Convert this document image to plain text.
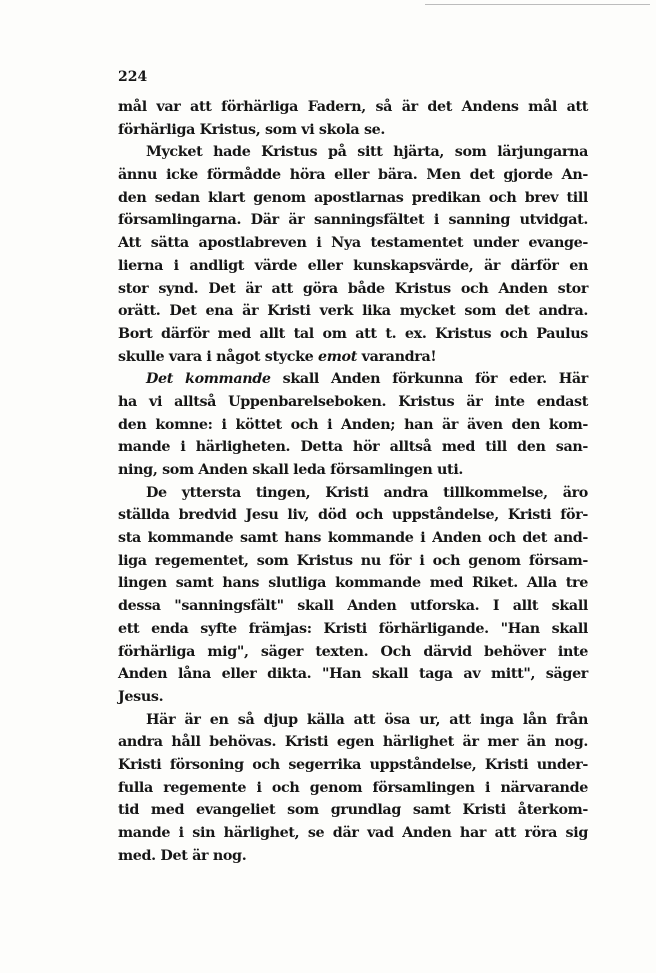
224
mål var att förhärliga Fadern, så är det Andens mål att
förhärliga Kristus, som vi skola se.
Mycket hade Kristus på sitt hjärta, som lärjungarna
ännu icke förmådde höra eller bära. Men det gjorde An-
den sedan klart genom apostlarnas predikan och brev till
församlingarna. Där är sanningsfältet i sanning utvidgat.
Att sätta apostlabreven i Nya testamentet under evange-
lierna i andligt värde eller kunskapsvärde, är därför en
stor synd. Det är att göra både Kristus och Anden stor
orätt. Det ena är Kristi verk lika mycket som det andra.
Bort därför med allt tal om att t. ex. Kristus och Paulus
skulle vara i något stycke emot varandra!
Det kommande skall Anden förkunna för eder. Här
ha vi alltså Uppenbarelseboken. Kristus är inte endast
den komne: i köttet och i Anden; han är även den kom-
mande i härligheten. Detta hör alltså med till den san-
ning, som Anden skall leda församlingen uti.
De yttersta tingen, Kristi andra tillkommelse, äro
ställda bredvid Jesu liv, död och uppståndelse, Kristi för-
sta kommande samt hans kommande i Anden och det and-
liga regementet, som Kristus nu för i och genom försam-
lingen samt hans slutliga kommande med Riket. Alla tre
dessa "sanningsfält" skall Anden utforska. I allt skall
ett enda syfte främjas: Kristi förhärligande. "Han skall
förhärliga mig", säger texten. Och därvid behöver inte
Anden låna eller dikta. "Han skall taga av mitt", säger
Jesus.
Här är en så djup källa att ösa ur, att inga lån från
andra håll behövas. Kristi egen härlighet är mer än nog.
Kristi försoning och segerrika uppståndelse, Kristi under-
fulla regemente i och genom församlingen i närvarande
tid med evangeliet som grundlag samt Kristi återkom-
mande i sin härlighet, se där vad Anden har att röra sig
med. Det är nog.
